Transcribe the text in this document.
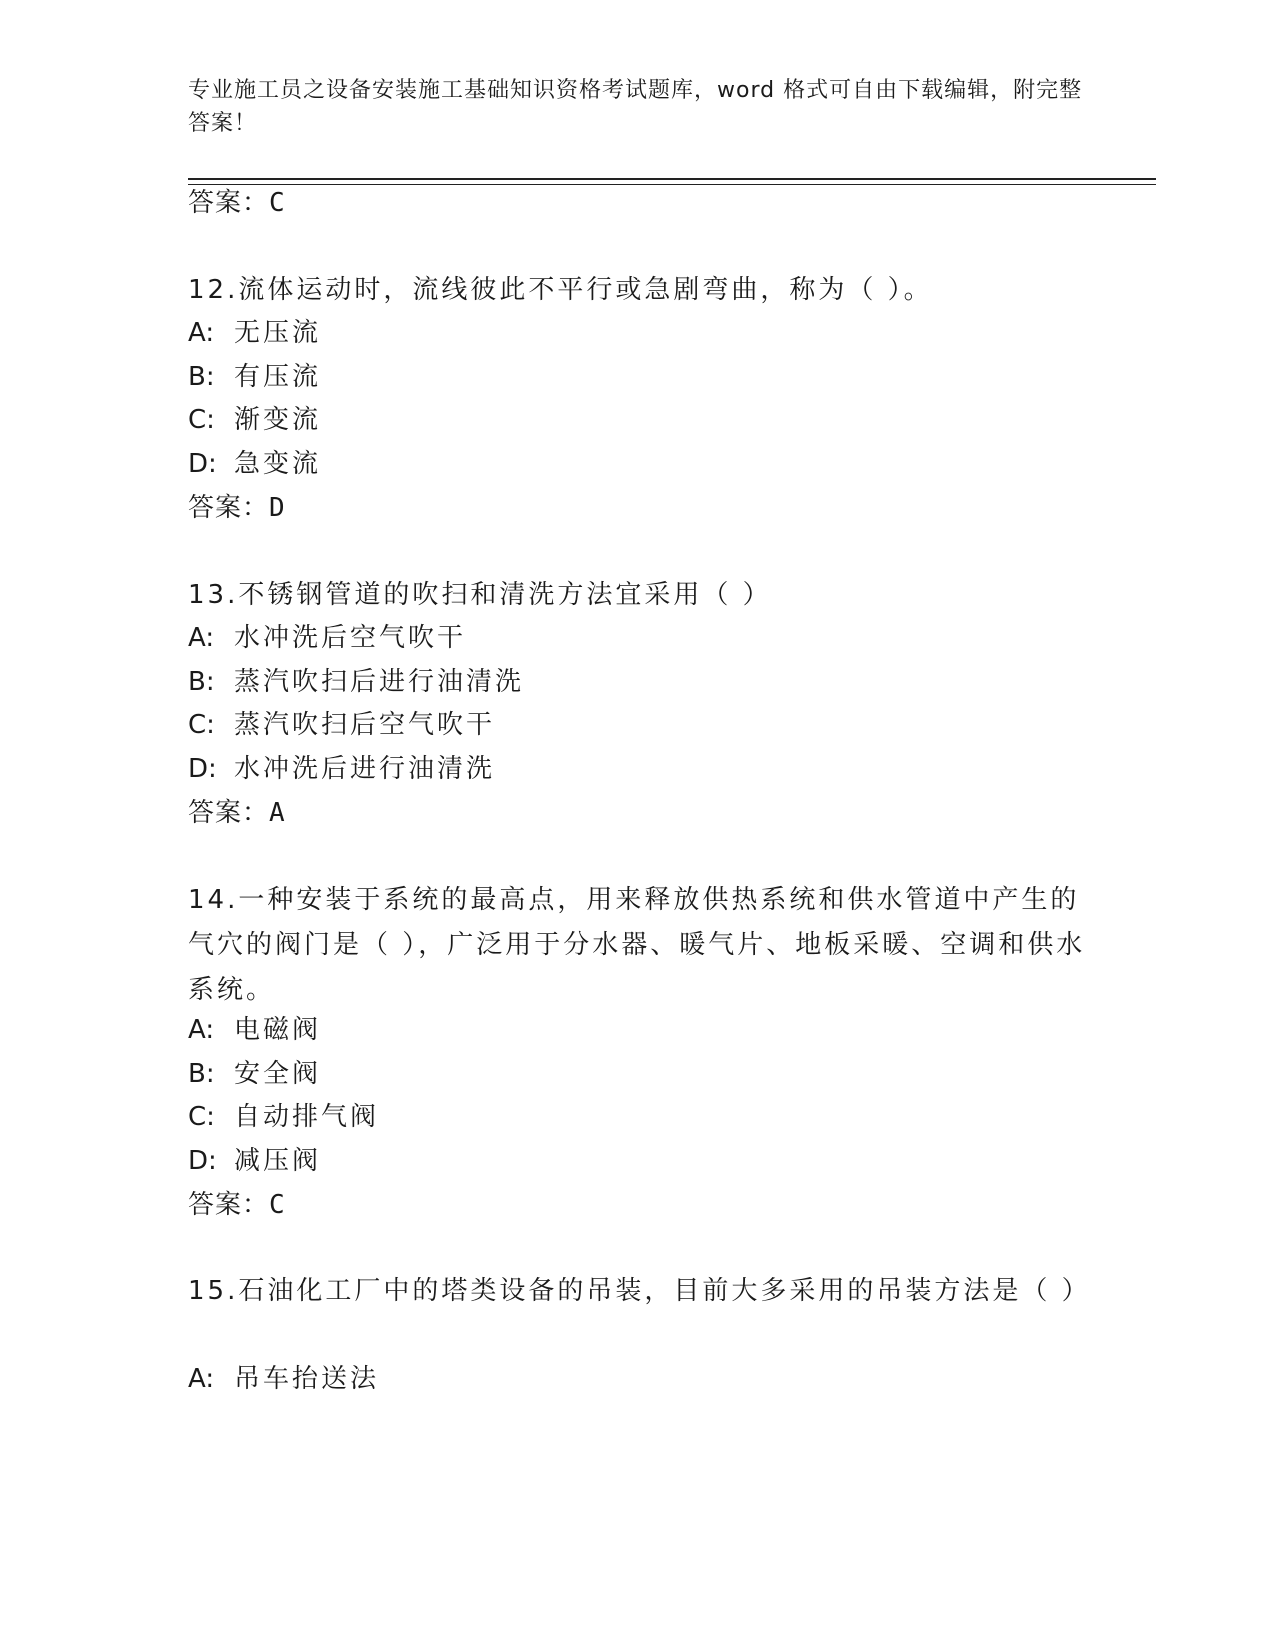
专业施工员之设备安装施工基础知识资格考试题库，word 格式可自由下载编辑，附完整答案！
答案：C
12.流体运动时，流线彼此不平行或急剧弯曲，称为（ ）。
A: 无压流
B: 有压流
C: 渐变流
D: 急变流
答案：D
13.不锈钢管道的吹扫和清洗方法宜采用（ ）
A: 水冲洗后空气吹干
B: 蒸汽吹扫后进行油清洗
C: 蒸汽吹扫后空气吹干
D: 水冲洗后进行油清洗
答案：A
14.一种安装于系统的最高点，用来释放供热系统和供水管道中产生的气穴的阀门是（ ），广泛用于分水器、暖气片、地板采暖、空调和供水系统。
A: 电磁阀
B: 安全阀
C: 自动排气阀
D: 减压阀
答案：C
15.石油化工厂中的塔类设备的吊装，目前大多采用的吊装方法是（ ）
A: 吊车抬送法
